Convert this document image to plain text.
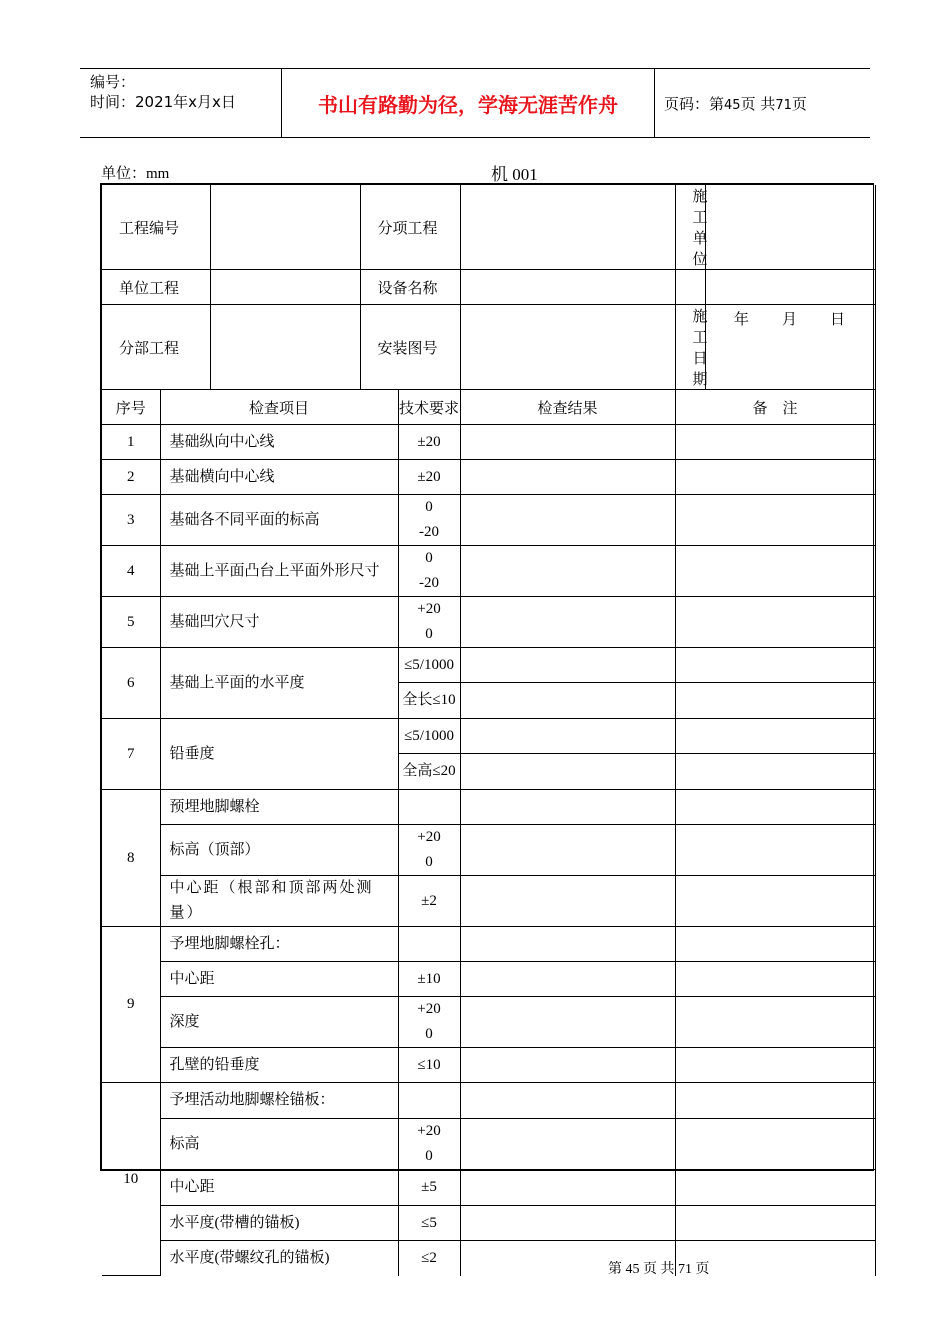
编号：
时间：2021年x月x日	书山有路勤为径，学海无涯苦作舟	页码：第45页 共71页
单位：mm	机 001
工程编号			分项工程			施工单位	
单位工程			设备名称				
分部工程			安装图号			施工日期	年　　月　　日
序号	检查项目			技术要求	检查结果	备　注	
1	基础纵向中心线			±20			
2	基础横向中心线			±20			
3	基础各不同平面的标高			0
-20			

4	基础上平面凸台上平面外形尺寸			0
-20			

5	基础凹穴尺寸			+20
0			

6	基础上平面的水平度			≤5/1000			
				全长≤10			
7	铅垂度			≤5/1000			
				全高≤20			
8	预埋地脚螺栓						
	标高（顶部）			+20
0			

	中心距（根部和顶部两处测量）			±2			
9	予埋地脚螺栓孔：						
	中心距			±10			
	深度			+20
0			

	孔壁的铅垂度			≤10			
10	予埋活动地脚螺栓锚板：						
	标高			+20
0			

	中心距			±5			
	水平度(带槽的锚板)			≤5			
	水平度(带螺纹孔的锚板)			≤2			
第 45 页 共 71 页
